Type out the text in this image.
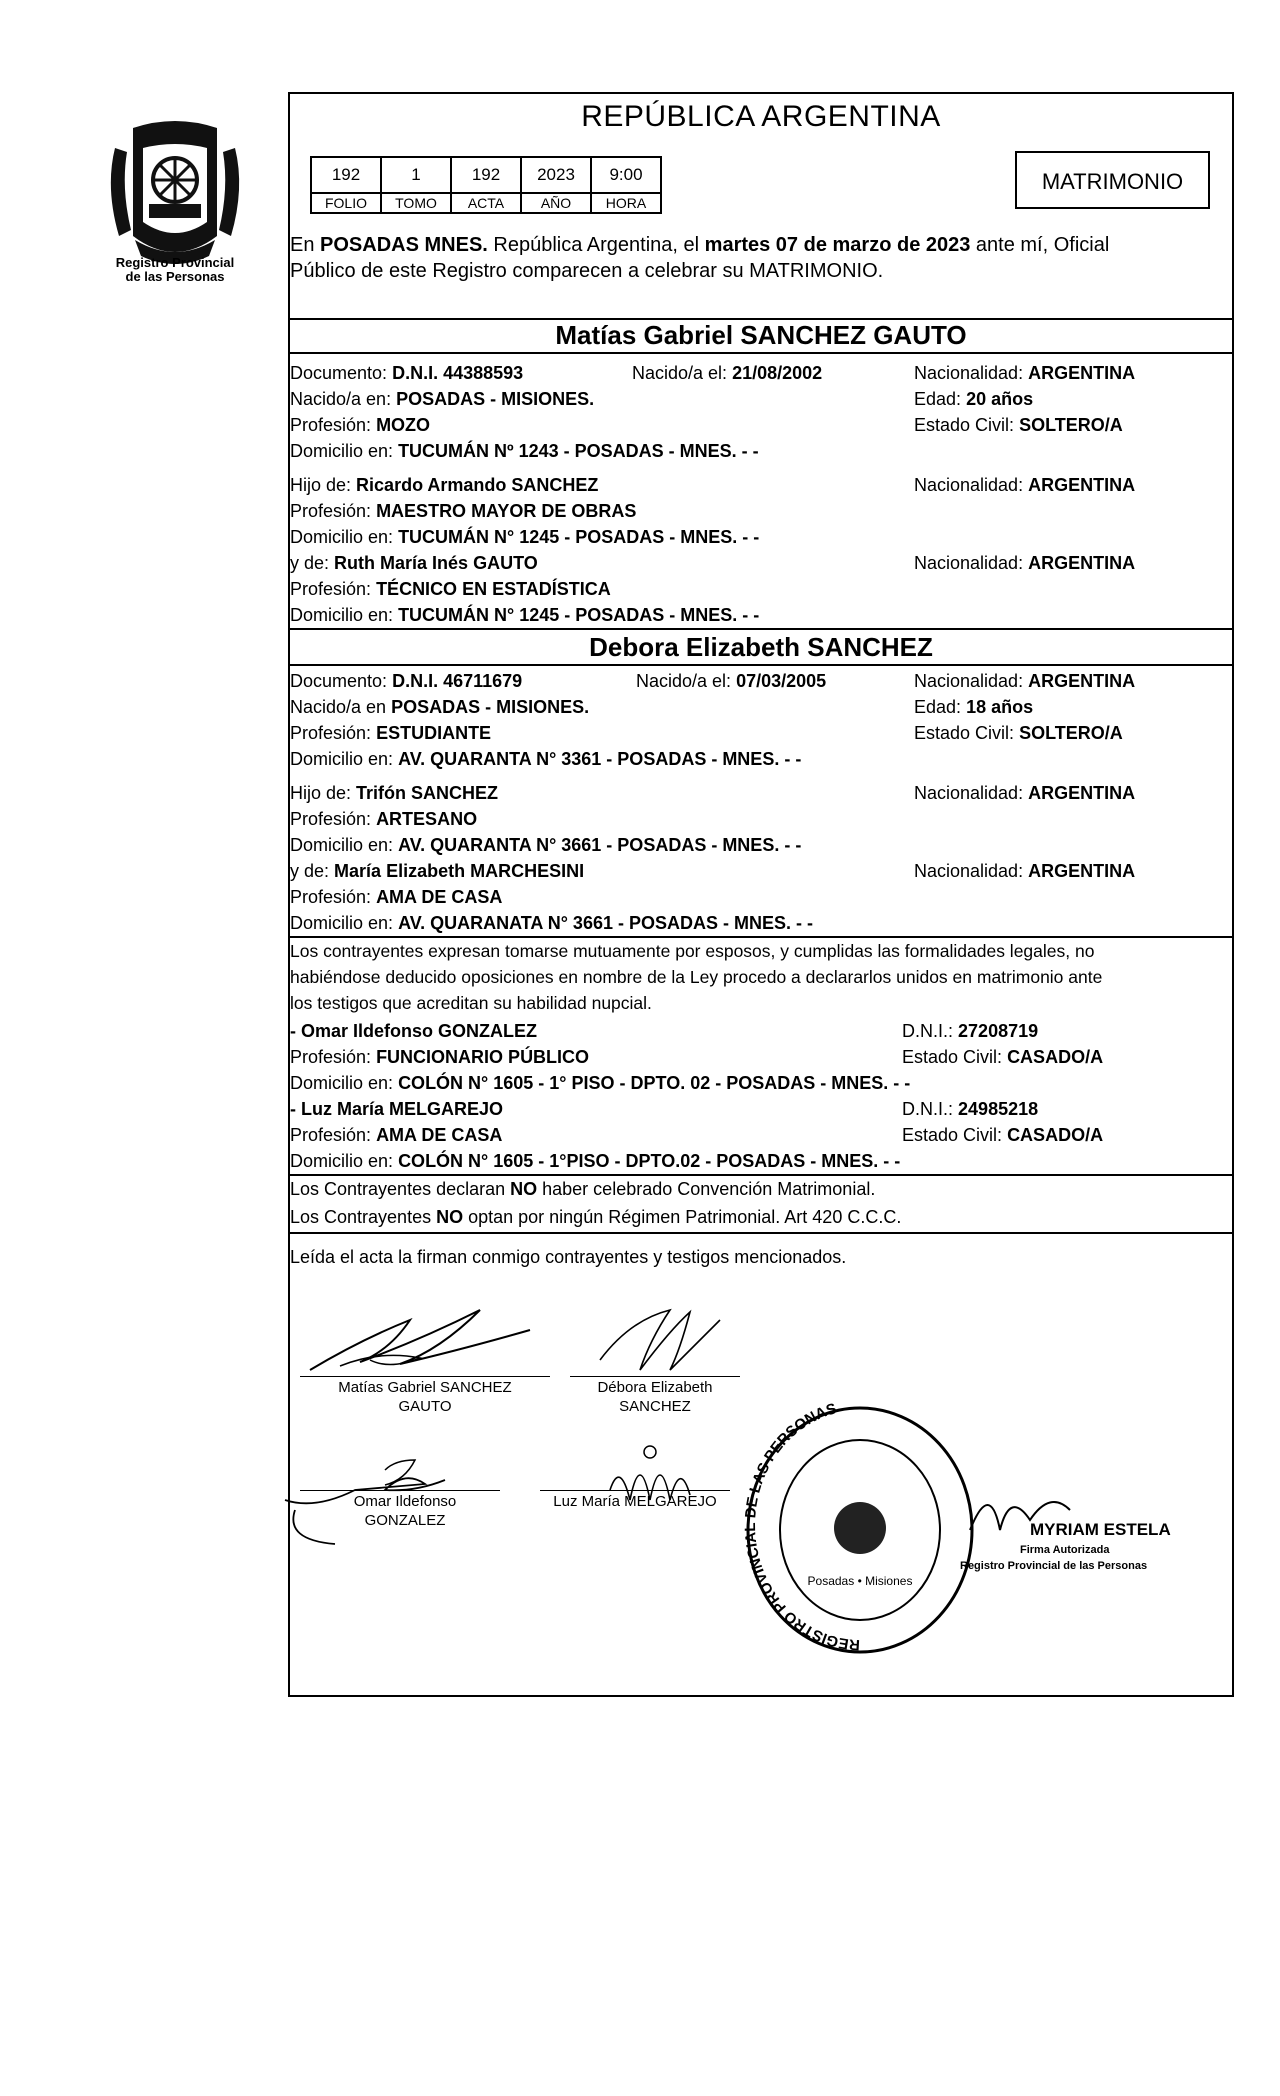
Registro Provincial
de las Personas
REPÚBLICA ARGENTINA
192	1	192	2023	9:00
FOLIO	TOMO	ACTA	AÑO	HORA
MATRIMONIO
En POSADAS MNES. República Argentina, el martes 07 de marzo de 2023 ante mí, Oficial
Público de este Registro comparecen a celebrar su MATRIMONIO.
Matías Gabriel SANCHEZ GAUTO
Documento: D.N.I. 44388593	Nacido/a el: 21/08/2002	Nacionalidad: ARGENTINA
Nacido/a en: POSADAS - MISIONES.	Edad: 20 años
Profesión: MOZO	Estado Civil: SOLTERO/A
Domicilio en: TUCUMÁN Nº 1243 - POSADAS - MNES. - -
Hijo de: Ricardo Armando SANCHEZ	Nacionalidad: ARGENTINA
Profesión: MAESTRO MAYOR DE OBRAS
Domicilio en: TUCUMÁN N° 1245 - POSADAS - MNES. - -
y de: Ruth María Inés GAUTO	Nacionalidad: ARGENTINA
Profesión: TÉCNICO EN ESTADÍSTICA
Domicilio en: TUCUMÁN N° 1245 - POSADAS - MNES. - -
Debora Elizabeth SANCHEZ
Documento: D.N.I. 46711679	Nacido/a el: 07/03/2005	Nacionalidad: ARGENTINA
Nacido/a en POSADAS - MISIONES.	Edad: 18 años
Profesión: ESTUDIANTE	Estado Civil: SOLTERO/A
Domicilio en: AV. QUARANTA N° 3361 - POSADAS - MNES. - -
Hijo de: Trifón SANCHEZ	Nacionalidad: ARGENTINA
Profesión: ARTESANO
Domicilio en: AV. QUARANTA N° 3661 - POSADAS - MNES. - -
y de: María Elizabeth MARCHESINI	Nacionalidad: ARGENTINA
Profesión: AMA DE CASA
Domicilio en: AV. QUARANATA N° 3661 - POSADAS - MNES. - -
Los contrayentes expresan tomarse mutuamente por esposos, y cumplidas las formalidades legales, no
habiéndose deducido oposiciones en nombre de la Ley procedo a declararlos unidos en matrimonio ante
los testigos que acreditan su habilidad nupcial.
- Omar Ildefonso GONZALEZ	D.N.I.: 27208719
Profesión: FUNCIONARIO PÚBLICO	Estado Civil: CASADO/A
Domicilio en: COLÓN N° 1605 - 1° PISO - DPTO. 02 - POSADAS - MNES. - -
- Luz María MELGAREJO	D.N.I.: 24985218
Profesión: AMA DE CASA	Estado Civil: CASADO/A
Domicilio en: COLÓN N° 1605 - 1°PISO - DPTO.02 - POSADAS - MNES. - -
Los Contrayentes declaran NO haber celebrado Convención Matrimonial.
Los Contrayentes NO optan por ningún Régimen Patrimonial. Art 420 C.C.C.
Leída el acta la firman conmigo contrayentes y testigos mencionados.
Matías Gabriel SANCHEZ
GAUTO
Débora Elizabeth
SANCHEZ
Omar Ildefonso
GONZALEZ
Luz María MELGAREJO
REGISTRO PROVINCIAL DE LAS PERSONAS
Posadas • Misiones
MYRIAM ESTELA
Firma Autorizada
Registro Provincial de las Personas
